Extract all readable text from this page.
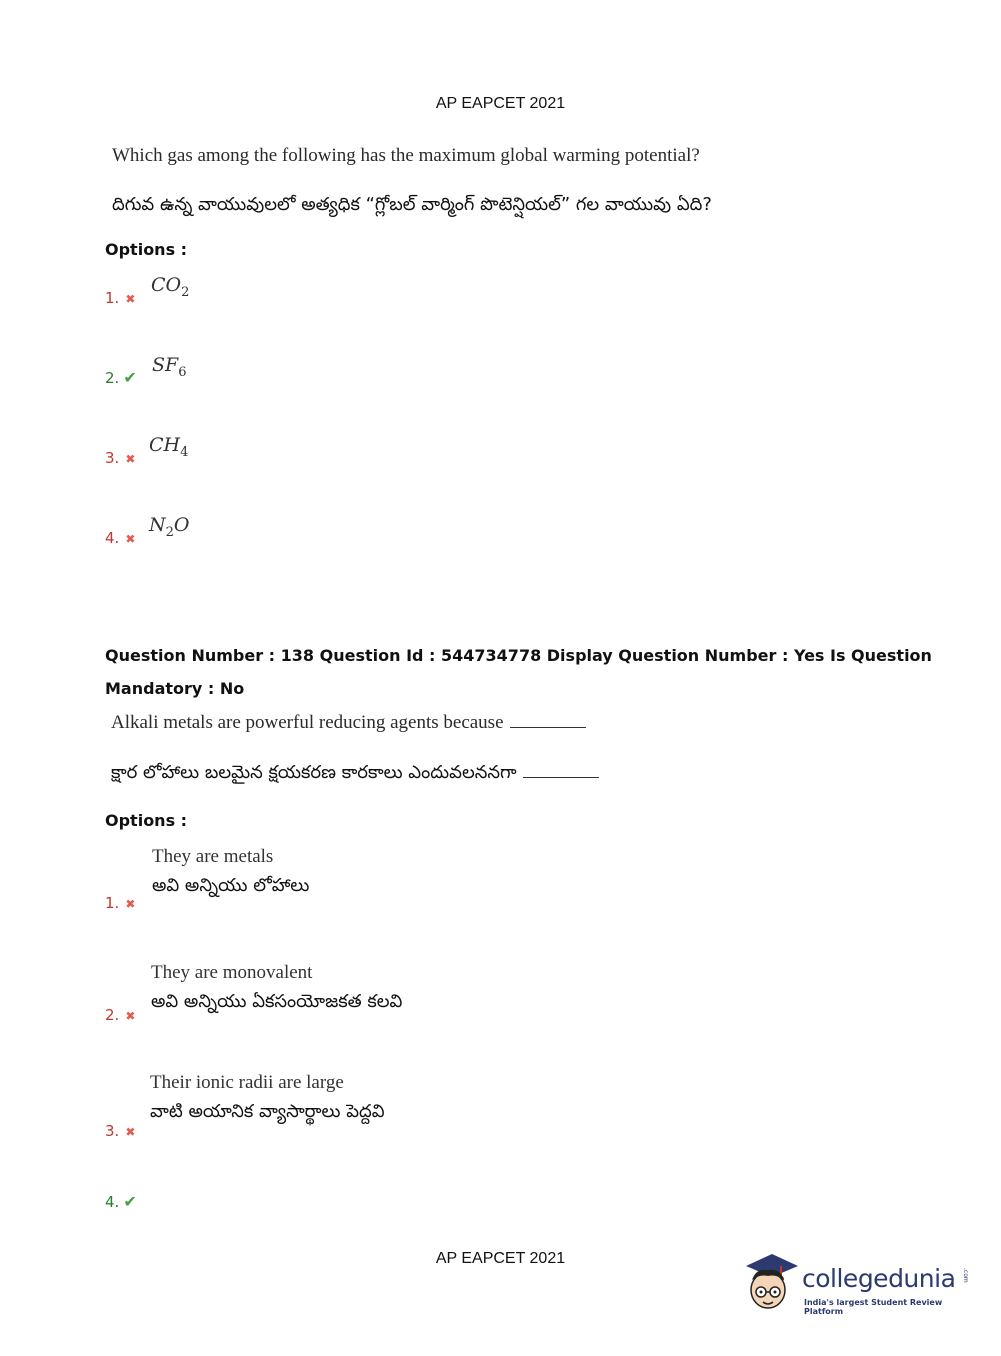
AP EAPCET 2021
Which gas among the following has the maximum global warming potential?
దిగువ ఉన్న వాయువులలో అత్యధిక “గ్లోబల్ వార్మింగ్ పొటెన్షియల్” గల వాయువు ఏది?
Options :
1. ✖
$CO_2$
2. ✔
$SF_6$
3. ✖
$CH_4$
4. ✖
$N_2O$
Question Number : 138 Question Id : 544734778 Display Question Number : Yes Is Question
Mandatory : No
Alkali metals are powerful reducing agents because
క్షార లోహాలు బలమైన క్షయకరణ కారకాలు ఎందువలననగా
Options :
They are metals
అవి అన్నియు లోహాలు
1. ✖
They are monovalent
అవి అన్నియు ఏకసంయోజకత కలవి
2. ✖
Their ionic radii are large
వాటి అయానిక వ్యాసార్థాలు పెద్దవి
3. ✖
4. ✔
AP EAPCET 2021
collegedunia .com
India's largest Student Review Platform
